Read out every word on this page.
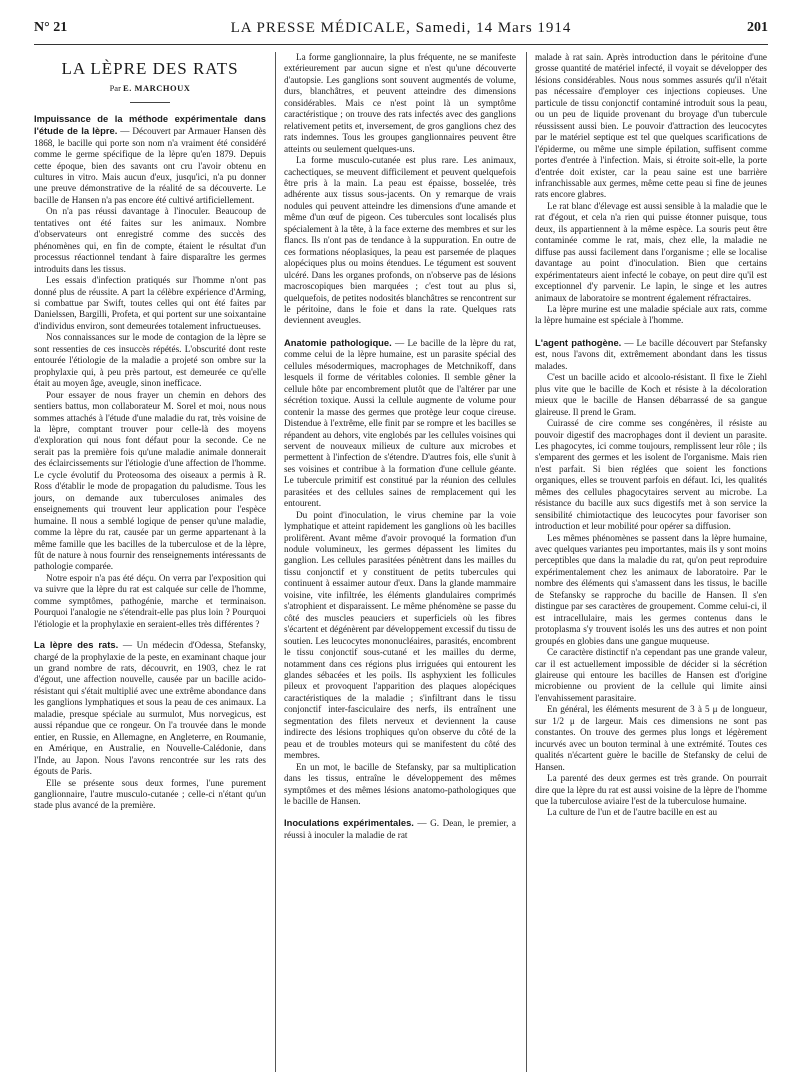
N° 21	LA PRESSE MÉDICALE, Samedi, 14 Mars 1914	201
LA LÈPRE DES RATS
Par E. MARCHOUX

Impuissance de la méthode expérimentale dans l'étude de la lèpre. — Découvert par Armauer Hansen dès 1868, le bacille qui porte son nom n'a vraiment été considéré comme le germe spécifique de la lèpre qu'en 1879. Depuis cette époque, bien des savants ont cru l'avoir obtenu en cultures in vitro. Mais aucun d'eux, jusqu'ici, n'a pu donner une preuve démonstrative de la réalité de sa découverte. Le bacille de Hansen n'a pas encore été cultivé artificiellement.

On n'a pas réussi davantage à l'inoculer. Beaucoup de tentatives ont été faites sur les animaux. Nombre d'observateurs ont enregistré comme des succès des phénomènes qui, en fin de compte, étaient le résultat d'un processus réactionnel tendant à faire disparaître les germes introduits dans les tissus.

Les essais d'infection pratiqués sur l'homme n'ont pas donné plus de réussite. A part la célèbre expérience d'Arming, si combattue par Swift, toutes celles qui ont été faites par Danielssen, Bargilli, Profeta, et qui portent sur une soixantaine d'individus environ, sont demeurées totalement infructueuses.

Nos connaissances sur le mode de contagion de la lèpre se sont ressenties de ces insuccès répétés. L'obscurité dont reste entourée l'étiologie de la maladie a projeté son ombre sur la prophylaxie qui, à peu près partout, est demeurée ce qu'elle était au moyen âge, aveugle, sinon inefficace.

Pour essayer de nous frayer un chemin en dehors des sentiers battus, mon collaborateur M. Sorel et moi, nous nous sommes attachés à l'étude d'une maladie du rat, très voisine de la lèpre, comptant trouver pour celle-là des moyens d'exploration qui nous font défaut pour la seconde. Ce ne serait pas la première fois qu'une maladie animale donnerait des éclaircissements sur l'étiologie d'une affection de l'homme. Le cycle évolutif du Proteosoma des oiseaux a permis à R. Ross d'établir le mode de propagation du paludisme. Tous les jours, on demande aux tuberculoses animales des enseignements qui trouvent leur application pour l'espèce humaine. Il nous a semblé logique de penser qu'une maladie, comme la lèpre du rat, causée par un germe appartenant à la même famille que les bacilles de la tuberculose et de la lèpre, fût de nature à nous fournir des renseignements intéressants de pathologie comparée.

Notre espoir n'a pas été déçu. On verra par l'exposition qui va suivre que la lèpre du rat est calquée sur celle de l'homme, comme symptômes, pathogénie, marche et terminaison. Pourquoi l'analogie ne s'étendrait-elle pas plus loin ? Pourquoi l'étiologie et la prophylaxie en seraient-elles très différentes ?

La lèpre des rats. — Un médecin d'Odessa, Stefansky, chargé de la prophylaxie de la peste, en examinant chaque jour un grand nombre de rats, découvrit, en 1903, chez le rat d'égout, une affection nouvelle, causée par un bacille acido-résistant qui s'était multiplié avec une extrême abondance dans les ganglions lymphatiques et sous la peau de ces animaux. La maladie, presque spéciale au surmulot, Mus norvegicus, est aussi répandue que ce rongeur. On l'a trouvée dans le monde entier, en Russie, en Allemagne, en Angleterre, en Roumanie, en Amérique, en Australie, en Nouvelle-Calédonie, dans l'Inde, au Japon. Nous l'avons rencontrée sur les rats des égouts de Paris.

Elle se présente sous deux formes, l'une purement ganglionnaire, l'autre musculo-cutanée ; celle-ci n'étant qu'un stade plus avancé de la première.

La forme ganglionnaire, la plus fréquente, ne se manifeste extérieurement par aucun signe et n'est qu'une découverte d'autopsie. Les ganglions sont souvent augmentés de volume, durs, blanchâtres, et peuvent atteindre des dimensions considérables. Mais ce n'est point là un symptôme caractéristique ; on trouve des rats infectés avec des ganglions relativement petits et, inversement, de gros ganglions chez des rats indemnes. Tous les groupes ganglionnaires peuvent être atteints ou seulement quelques-uns.

La forme musculo-cutanée est plus rare. Les animaux, cachectiques, se meuvent difficilement et peuvent quelquefois être pris à la main. La peau est épaisse, bosselée, très adhérente aux tissus sous-jacents. On y remarque de vrais nodules qui peuvent atteindre les dimensions d'une amande et même d'un œuf de pigeon. Ces tubercules sont localisés plus spécialement à la tête, à la face externe des membres et sur les flancs. Ils n'ont pas de tendance à la suppuration. En outre de ces formations néoplasiques, la peau est parsemée de plaques alopéciques plus ou moins étendues. Le tégument est souvent ulcéré. Dans les organes profonds, on n'observe pas de lésions macroscopiques bien marquées ; c'est tout au plus si, quelquefois, de petites nodosités blanchâtres se rencontrent sur le péritoine, dans le foie et dans la rate. Quelques rats deviennent aveugles.

Anatomie pathologique. — Le bacille de la lèpre du rat, comme celui de la lèpre humaine, est un parasite spécial des cellules mésodermiques, macrophages de Metchnikoff, dans lesquels il forme de véritables colonies. Il semble gêner la cellule hôte par encombrement plutôt que de l'altérer par une sécrétion toxique. Aussi la cellule augmente de volume pour contenir la masse des germes que protège leur coque cireuse. Distendue à l'extrême, elle finit par se rompre et les bacilles se répandent au dehors, vite englobés par les cellules voisines qui servent de nouveaux milieux de culture aux microbes et permettent à l'infection de s'étendre. D'autres fois, elle s'unit à ses voisines et contribue à la formation d'une cellule géante. Le tubercule primitif est constitué par la réunion des cellules parasitées et des cellules saines de remplacement qui les entourent.

Du point d'inoculation, le virus chemine par la voie lymphatique et atteint rapidement les ganglions où les bacilles prolifèrent. Avant même d'avoir provoqué la formation d'un nodule volumineux, les germes dépassent les limites du ganglion. Les cellules parasitées pénètrent dans les mailles du tissu conjonctif et y constituent de petits tubercules qui continuent à essaimer autour d'eux. Dans la glande mammaire voisine, vite infiltrée, les éléments glandulaires comprimés s'atrophient et disparaissent. Le même phénomène se passe du côté des muscles peauciers et superficiels où les fibres s'écartent et dégénèrent par développement excessif du tissu de soutien. Les leucocytes mononucléaires, parasités, encombrent le tissu conjonctif sous-cutané et les mailles du derme, notamment dans ces régions plus irriguées qui entourent les glandes sébacées et les poils. Ils asphyxient les follicules pileux et provoquent l'apparition des plaques alopéciques caractéristiques de la maladie ; s'infiltrant dans le tissu conjonctif inter-fasciculaire des nerfs, ils entraînent une segmentation des filets nerveux et deviennent la cause indirecte des lésions trophiques qu'on observe du côté de la peau et de troubles moteurs qui se manifestent du côté des membres.

En un mot, le bacille de Stefansky, par sa multiplication dans les tissus, entraîne le développement des mêmes symptômes et des mêmes lésions anatomo-pathologiques que le bacille de Hansen.

Inoculations expérimentales. — G. Dean, le premier, a réussi à inoculer la maladie de rat

malade à rat sain. Après introduction dans le péritoine d'une grosse quantité de matériel infecté, il voyait se développer des lésions considérables. Nous nous sommes assurés qu'il n'était pas nécessaire d'employer ces injections copieuses. Une particule de tissu conjonctif contaminé introduit sous la peau, ou un peu de liquide provenant du broyage d'un tubercule réussissent aussi bien. Le pouvoir d'attraction des leucocytes par le matériel septique est tel que quelques scarifications de l'épiderme, ou même une simple épilation, suffisent comme portes d'entrée à l'infection. Mais, si étroite soit-elle, la porte d'entrée doit exister, car la peau saine est une barrière infranchissable aux germes, même cette peau si fine de jeunes rats encore glabres.

Le rat blanc d'élevage est aussi sensible à la maladie que le rat d'égout, et cela n'a rien qui puisse étonner puisque, tous deux, ils appartiennent à la même espèce. La souris peut être contaminée comme le rat, mais, chez elle, la maladie ne diffuse pas aussi facilement dans l'organisme ; elle se localise davantage au point d'inoculation. Bien que certains expérimentateurs aient infecté le cobaye, on peut dire qu'il est exceptionnel d'y parvenir. Le lapin, le singe et les autres animaux de laboratoire se montrent également réfractaires.

La lèpre murine est une maladie spéciale aux rats, comme la lèpre humaine est spéciale à l'homme.

L'agent pathogène. — Le bacille découvert par Stefansky est, nous l'avons dit, extrêmement abondant dans les tissus malades.

C'est un bacille acido et alcoolo-résistant. Il fixe le Ziehl plus vite que le bacille de Koch et résiste à la décoloration mieux que le bacille de Hansen débarrassé de sa gangue glaireuse. Il prend le Gram.

Cuirassé de cire comme ses congénères, il résiste au pouvoir digestif des macrophages dont il devient un parasite. Les phagocytes, ici comme toujours, remplissent leur rôle ; ils s'emparent des germes et les isolent de l'organisme. Mais rien n'est parfait. Si bien réglées que soient les fonctions organiques, elles se trouvent parfois en défaut. Ici, les qualités mêmes des cellules phagocytaires servent au microbe. La résistance du bacille aux sucs digestifs met à son service la sensibilité chimiotactique des leucocytes pour favoriser son introduction et leur mobilité pour opérer sa diffusion.

Les mêmes phénomènes se passent dans la lèpre humaine, avec quelques variantes peu importantes, mais ils y sont moins perceptibles que dans la maladie du rat, qu'on peut reproduire expérimentalement chez les animaux de laboratoire. Par le nombre des éléments qui s'amassent dans les tissus, le bacille de Stefansky se rapproche du bacille de Hansen. Il s'en distingue par ses caractères de groupement. Comme celui-ci, il est intracellulaire, mais les germes contenus dans le protoplasma s'y trouvent isolés les uns des autres et non point groupés en globies dans une gangue muqueuse.

Ce caractère distinctif n'a cependant pas une grande valeur, car il est actuellement impossible de décider si la sécrétion glaireuse qui entoure les bacilles de Hansen est d'origine microbienne ou provient de la cellule qui limite ainsi l'envahissement parasitaire.

En général, les éléments mesurent de 3 à 5 μ de longueur, sur 1/2 μ de largeur. Mais ces dimensions ne sont pas constantes. On trouve des germes plus longs et légèrement incurvés avec un bouton terminal à une extrémité. Toutes ces qualités n'écartent guère le bacille de Stefansky de celui de Hansen.

La parenté des deux germes est très grande. On pourrait dire que la lèpre du rat est aussi voisine de la lèpre de l'homme que la tuberculose aviaire l'est de la tuberculose humaine.

La culture de l'un et de l'autre bacille en est au
